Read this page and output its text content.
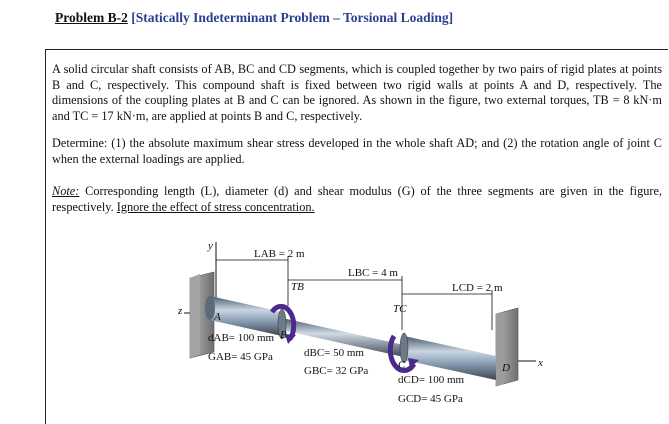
Problem B-2 [Statically Indeterminant Problem – Torsional Loading]
A solid circular shaft consists of AB, BC and CD segments, which is coupled together by two pairs of rigid plates at points B and C, respectively. This compound shaft is fixed between two rigid walls at points A and D, respectively. The dimensions of the coupling plates at B and C can be ignored. As shown in the figure, two external torques, TB = 8 kN·m and TC = 17 kN·m, are applied at points B and C, respectively.
Determine: (1) the absolute maximum shear stress developed in the whole shaft AD; and (2) the rotation angle of joint C when the external loadings are applied.
Note: Corresponding length (L), diameter (d) and shear modulus (G) of the three segments are given in the figure, respectively. Ignore the effect of stress concentration.
y
z
x
TB
TC
LAB = 2 m
LBC = 4 m
LCD = 2 m
A
B
C	D
dAB= 100 mm
GAB= 45 GPa	dBC= 50 mm
GBC= 32 GPa
dCD= 100 mm
GCD= 45 GPa
